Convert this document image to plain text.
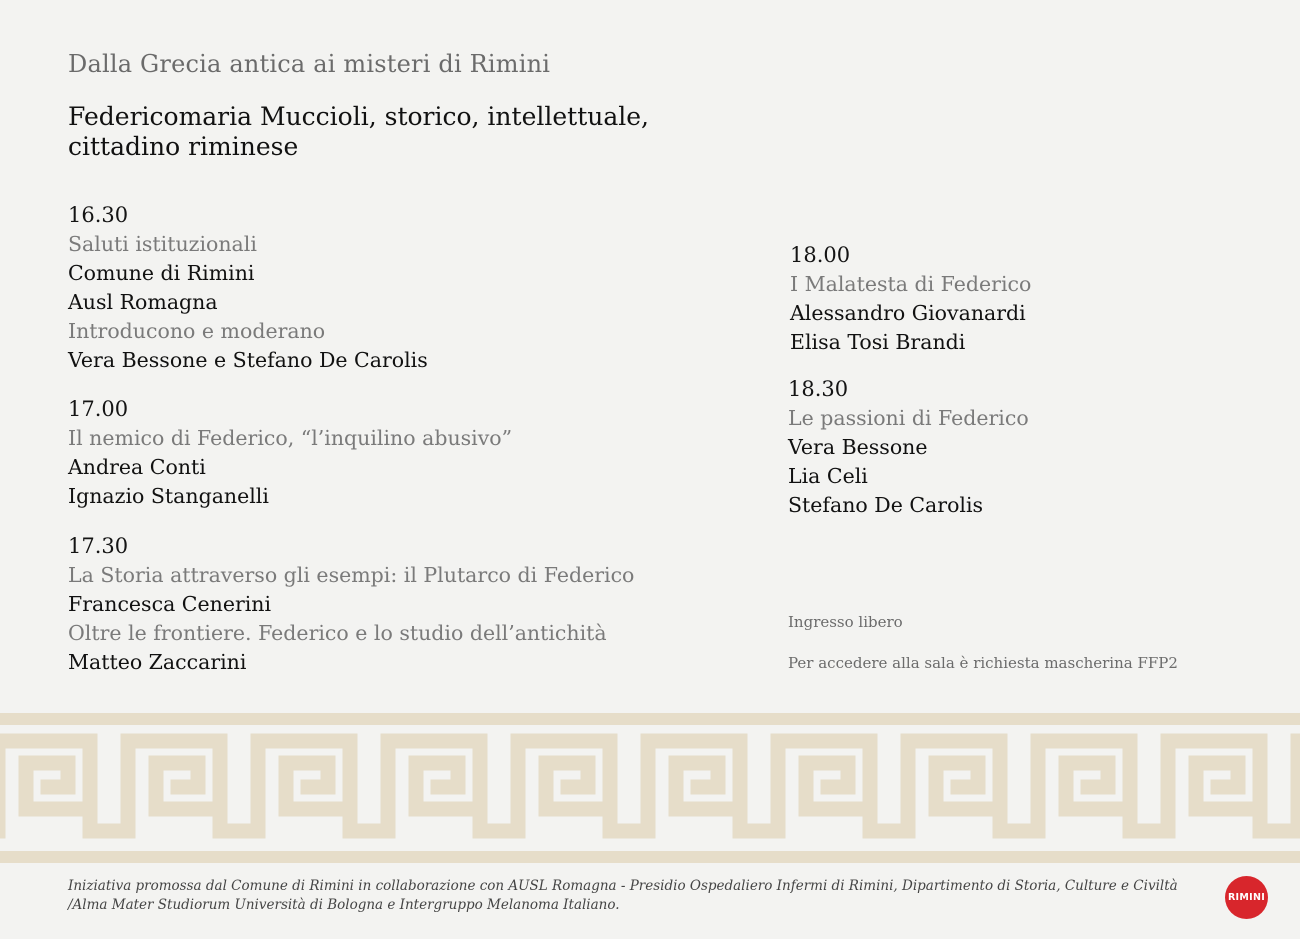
Dalla Grecia antica ai misteri di Rimini
Federicomaria Muccioli, storico, intellettuale,
cittadino riminese
16.30
Saluti istituzionali
Comune di Rimini
Ausl Romagna
Introducono e moderano
Vera Bessone e Stefano De Carolis
17.00
Il nemico di Federico, “l’inquilino abusivo”
Andrea Conti
Ignazio Stanganelli
17.30
La Storia attraverso gli esempi: il Plutarco di Federico
Francesca Cenerini
Oltre le frontiere. Federico e lo studio dell’antichità
Matteo Zaccarini
18.00
I Malatesta di Federico
Alessandro Giovanardi
Elisa Tosi Brandi
18.30
Le passioni di Federico
Vera Bessone
Lia Celi
Stefano De Carolis
Ingresso libero
Per accedere alla sala è richiesta mascherina FFP2
Iniziativa promossa dal Comune di Rimini in collaborazione con AUSL Romagna - Presidio Ospedaliero Infermi di Rimini, Dipartimento di Storia, Culture e Civiltà /Alma Mater Studiorum Università di Bologna e Intergruppo Melanoma Italiano.	RIMINI
